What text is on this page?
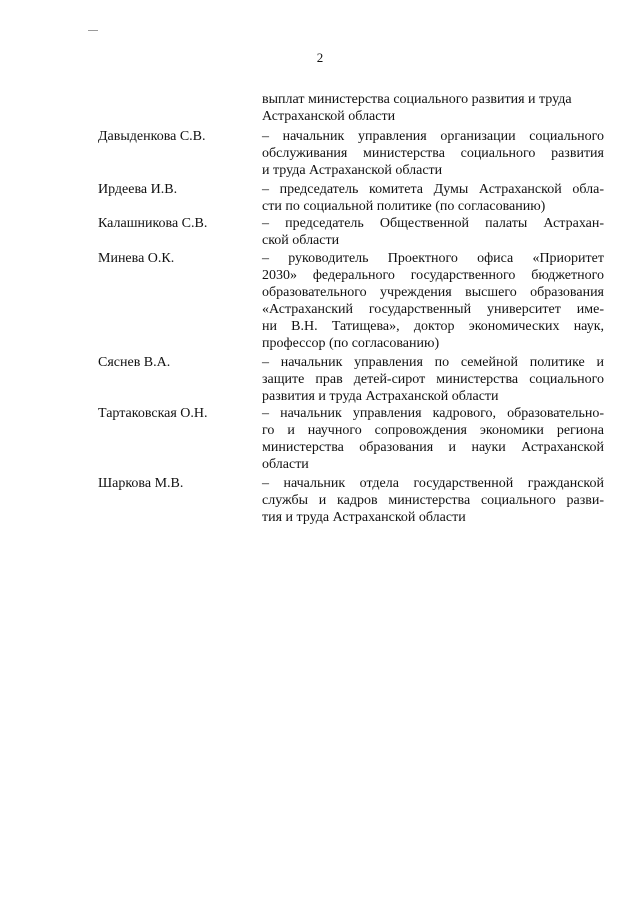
2
выплат министерства социального развития и труда
Астраханской области
Давыденкова С.В.	– начальник управления организации социального
обслуживания министерства социального развития
и труда Астраханской области
Ирдеева И.В.	– председатель комитета Думы Астраханской обла-
сти по социальной политике (по согласованию)
Калашникова С.В.	– председатель Общественной палаты Астрахан-
ской области
Минева О.К.	– руководитель Проектного офиса «Приоритет
2030» федерального государственного бюджетного
образовательного учреждения высшего образования
«Астраханский государственный университет име-
ни В.Н. Татищева», доктор экономических наук,
профессор (по согласованию)
Сяснев В.А.	– начальник управления по семейной политике и
защите прав детей-сирот министерства социального
развития и труда Астраханской области
Тартаковская О.Н.	– начальник управления кадрового, образовательно-
го и научного сопровождения экономики региона
министерства образования и науки Астраханской
области
Шаркова М.В.	– начальник отдела государственной гражданской
службы и кадров министерства социального разви-
тия и труда Астраханской области
